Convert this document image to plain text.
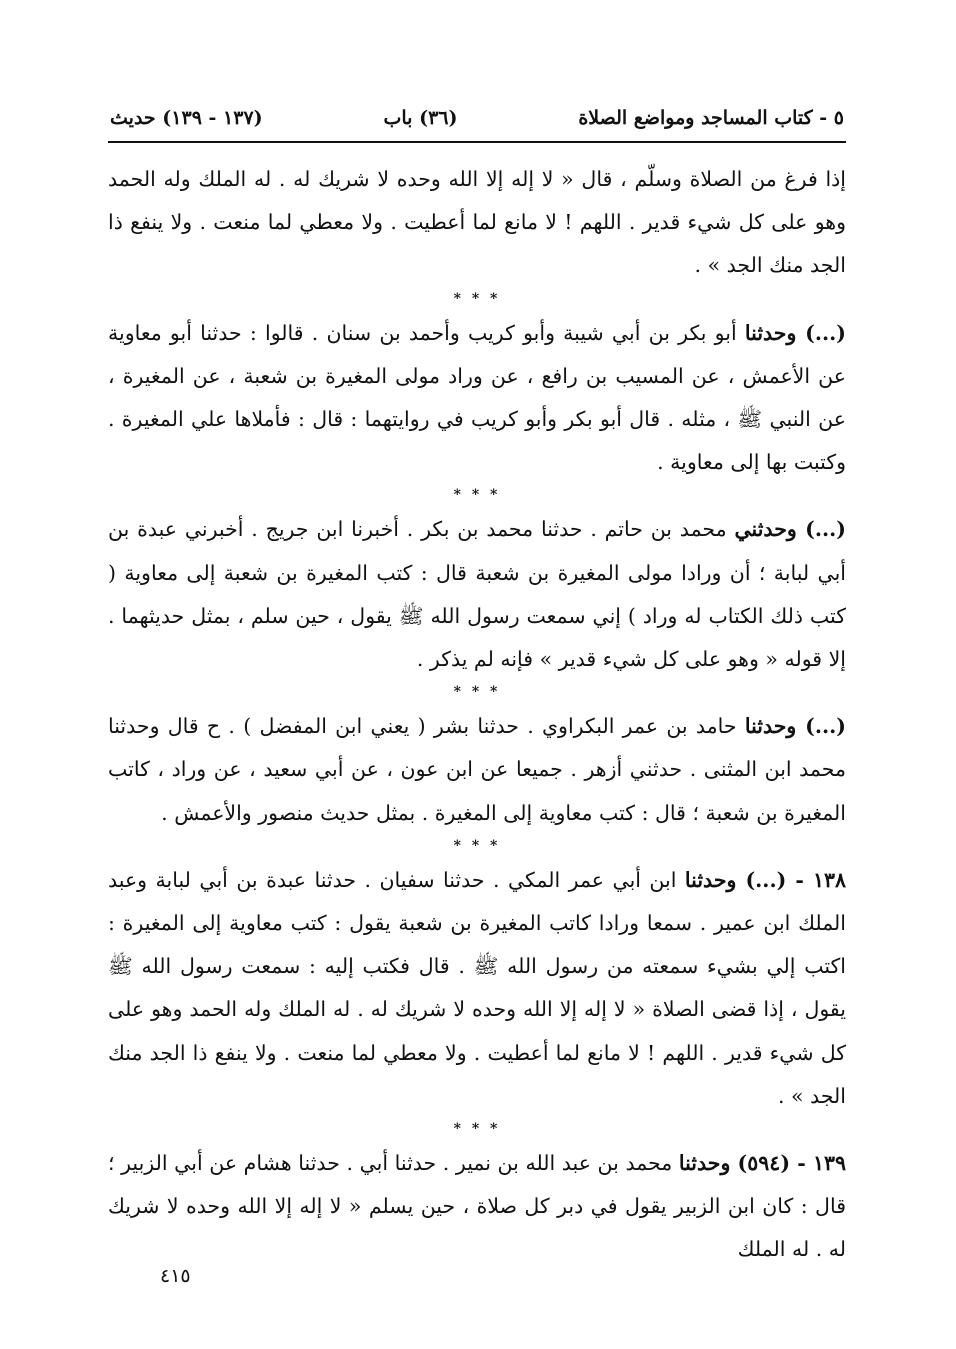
٥ - كتاب المساجد ومواضع الصلاة
(٣٦) باب
(١٣٧ - ١٣٩) حديث

إذا فرغ من الصلاة وسلّم ، قال « لا إله إلا الله وحده لا شريك له . له الملك وله الحمد وهو على كل شيء قدير . اللهم ! لا مانع لما أعطيت . ولا معطي لما منعت . ولا ينفع ذا الجد منك الجد » .

* * *

(...) وحدثنا أبو بكر بن أبي شيبة وأبو كريب وأحمد بن سنان . قالوا : حدثنا أبو معاوية عن الأعمش ، عن المسيب بن رافع ، عن وراد مولى المغيرة بن شعبة ، عن المغيرة ، عن النبي ﷺ ، مثله . قال أبو بكر وأبو كريب في روايتهما : قال : فأملاها علي المغيرة . وكتبت بها إلى معاوية .

* * *

(...) وحدثني محمد بن حاتم . حدثنا محمد بن بكر . أخبرنا ابن جريج . أخبرني عبدة بن أبي لبابة ؛ أن ورادا مولى المغيرة بن شعبة قال : كتب المغيرة بن شعبة إلى معاوية ( كتب ذلك الكتاب له وراد ) إني سمعت رسول الله ﷺ يقول ، حين سلم ، بمثل حديثهما . إلا قوله « وهو على كل شيء قدير » فإنه لم يذكر .

* * *

(...) وحدثنا حامد بن عمر البكراوي . حدثنا بشر ( يعني ابن المفضل ) . ح قال وحدثنا محمد ابن المثنى . حدثني أزهر . جميعا عن ابن عون ، عن أبي سعيد ، عن وراد ، كاتب المغيرة بن شعبة ؛ قال : كتب معاوية إلى المغيرة . بمثل حديث منصور والأعمش .

* * *

١٣٨ - (...) وحدثنا ابن أبي عمر المكي . حدثنا سفيان . حدثنا عبدة بن أبي لبابة وعبد الملك ابن عمير . سمعا ورادا كاتب المغيرة بن شعبة يقول : كتب معاوية إلى المغيرة : اكتب إلي بشيء سمعته من رسول الله ﷺ . قال فكتب إليه : سمعت رسول الله ﷺ يقول ، إذا قضى الصلاة « لا إله إلا الله وحده لا شريك له . له الملك وله الحمد وهو على كل شيء قدير . اللهم ! لا مانع لما أعطيت . ولا معطي لما منعت . ولا ينفع ذا الجد منك الجد » .

* * *

١٣٩ - (٥٩٤) وحدثنا محمد بن عبد الله بن نمير . حدثنا أبي . حدثنا هشام عن أبي الزبير ؛ قال : كان ابن الزبير يقول في دبر كل صلاة ، حين يسلم « لا إله إلا الله وحده لا شريك له . له الملك

٤١٥
